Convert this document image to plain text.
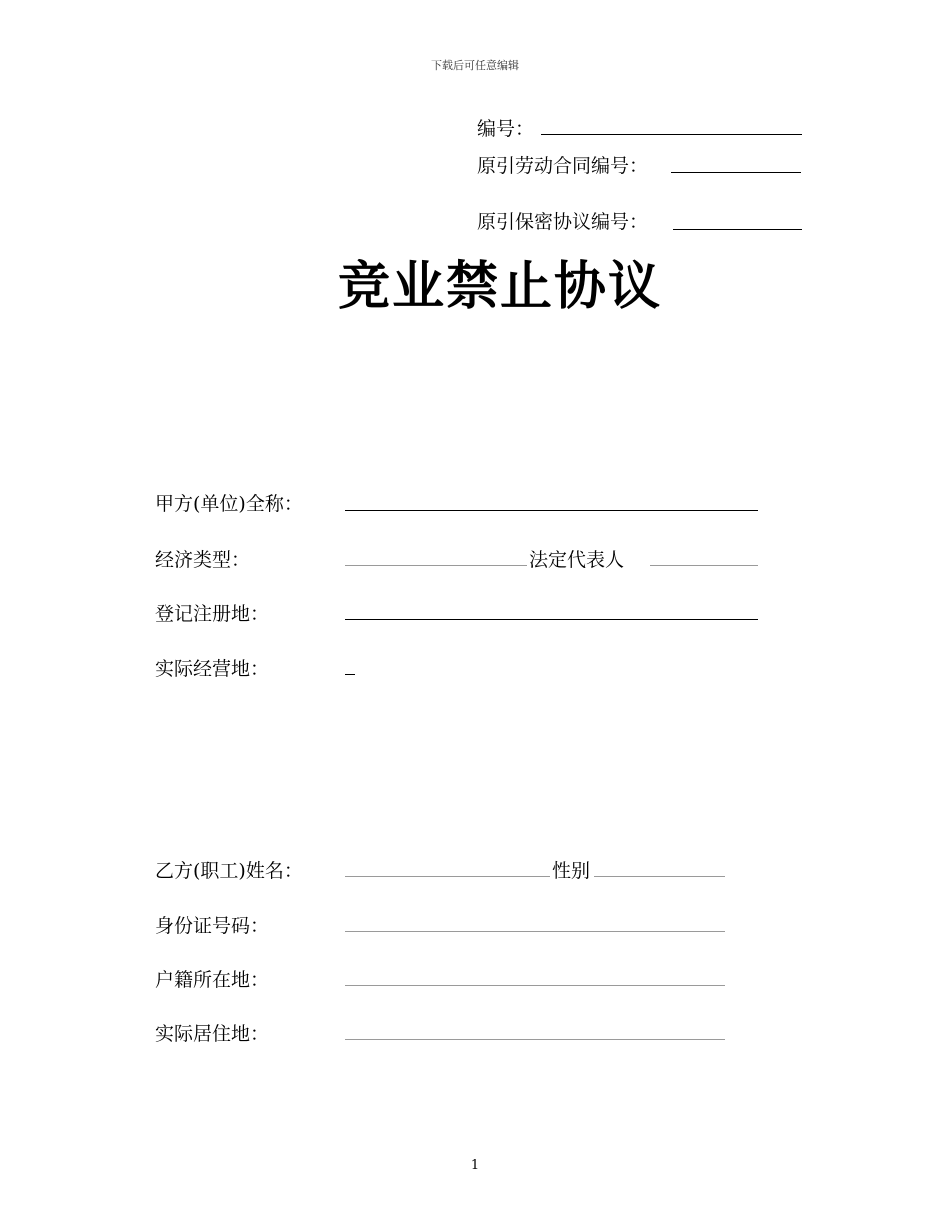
下载后可任意编辑
编号：
原引劳动合同编号：
原引保密协议编号：
竞业禁止协议
甲方(单位)全称：
经济类型：	法定代表人
登记注册地：
实际经营地：
乙方(职工)姓名：	性别
身份证号码：
户籍所在地：
实际居住地：
1
